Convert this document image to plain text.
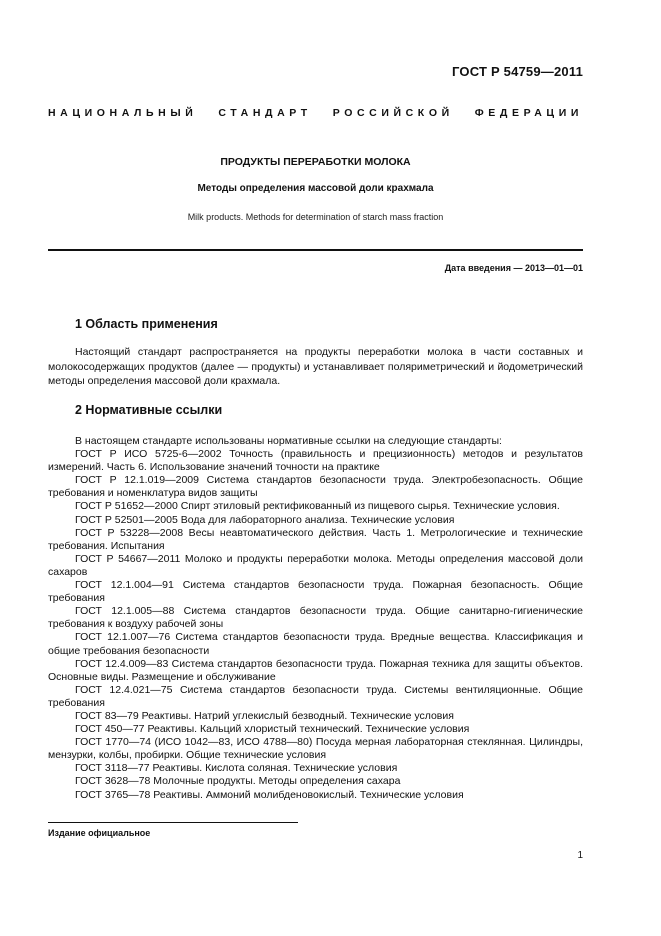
ГОСТ Р 54759—2011
НАЦИОНАЛЬНЫЙ СТАНДАРТ РОССИЙСКОЙ ФЕДЕРАЦИИ
ПРОДУКТЫ ПЕРЕРАБОТКИ МОЛОКА
Методы определения массовой доли крахмала
Milk products. Methods for determination of starch mass fraction
Дата введения — 2013—01—01
1 Область применения

Настоящий стандарт распространяется на продукты переработки молока в части составных и молокосодержащих продуктов (далее — продукты) и устанавливает поляриметрический и йодометрический методы определения массовой доли крахмала.

2 Нормативные ссылки

В настоящем стандарте использованы нормативные ссылки на следующие стандарты:

ГОСТ Р ИСО 5725-6—2002 Точность (правильность и прецизионность) методов и результатов измерений. Часть 6. Использование значений точности на практике

ГОСТ Р 12.1.019—2009 Система стандартов безопасности труда. Электробезопасность. Общие требования и номенклатура видов защиты

ГОСТ Р 51652—2000 Спирт этиловый ректификованный из пищевого сырья. Технические условия.

ГОСТ Р 52501—2005 Вода для лабораторного анализа. Технические условия

ГОСТ Р 53228—2008 Весы неавтоматического действия. Часть 1. Метрологические и технические требования. Испытания

ГОСТ Р 54667—2011 Молоко и продукты переработки молока. Методы определения массовой доли сахаров

ГОСТ 12.1.004—91 Система стандартов безопасности труда. Пожарная безопасность. Общие требования

ГОСТ 12.1.005—88 Система стандартов безопасности труда. Общие санитарно-гигиенические требования к воздуху рабочей зоны

ГОСТ 12.1.007—76 Система стандартов безопасности труда. Вредные вещества. Классификация и общие требования безопасности

ГОСТ 12.4.009—83 Система стандартов безопасности труда. Пожарная техника для защиты объектов. Основные виды. Размещение и обслуживание

ГОСТ 12.4.021—75 Система стандартов безопасности труда. Системы вентиляционные. Общие требования

ГОСТ 83—79 Реактивы. Натрий углекислый безводный. Технические условия

ГОСТ 450—77 Реактивы. Кальций хлористый технический. Технические условия

ГОСТ 1770—74 (ИСО 1042—83, ИСО 4788—80) Посуда мерная лабораторная стеклянная. Цилиндры, мензурки, колбы, пробирки. Общие технические условия

ГОСТ 3118—77 Реактивы. Кислота соляная. Технические условия

ГОСТ 3628—78 Молочные продукты. Методы определения сахара

ГОСТ 3765—78 Реактивы. Аммоний молибденовокислый. Технические условия

Издание официальное
1
